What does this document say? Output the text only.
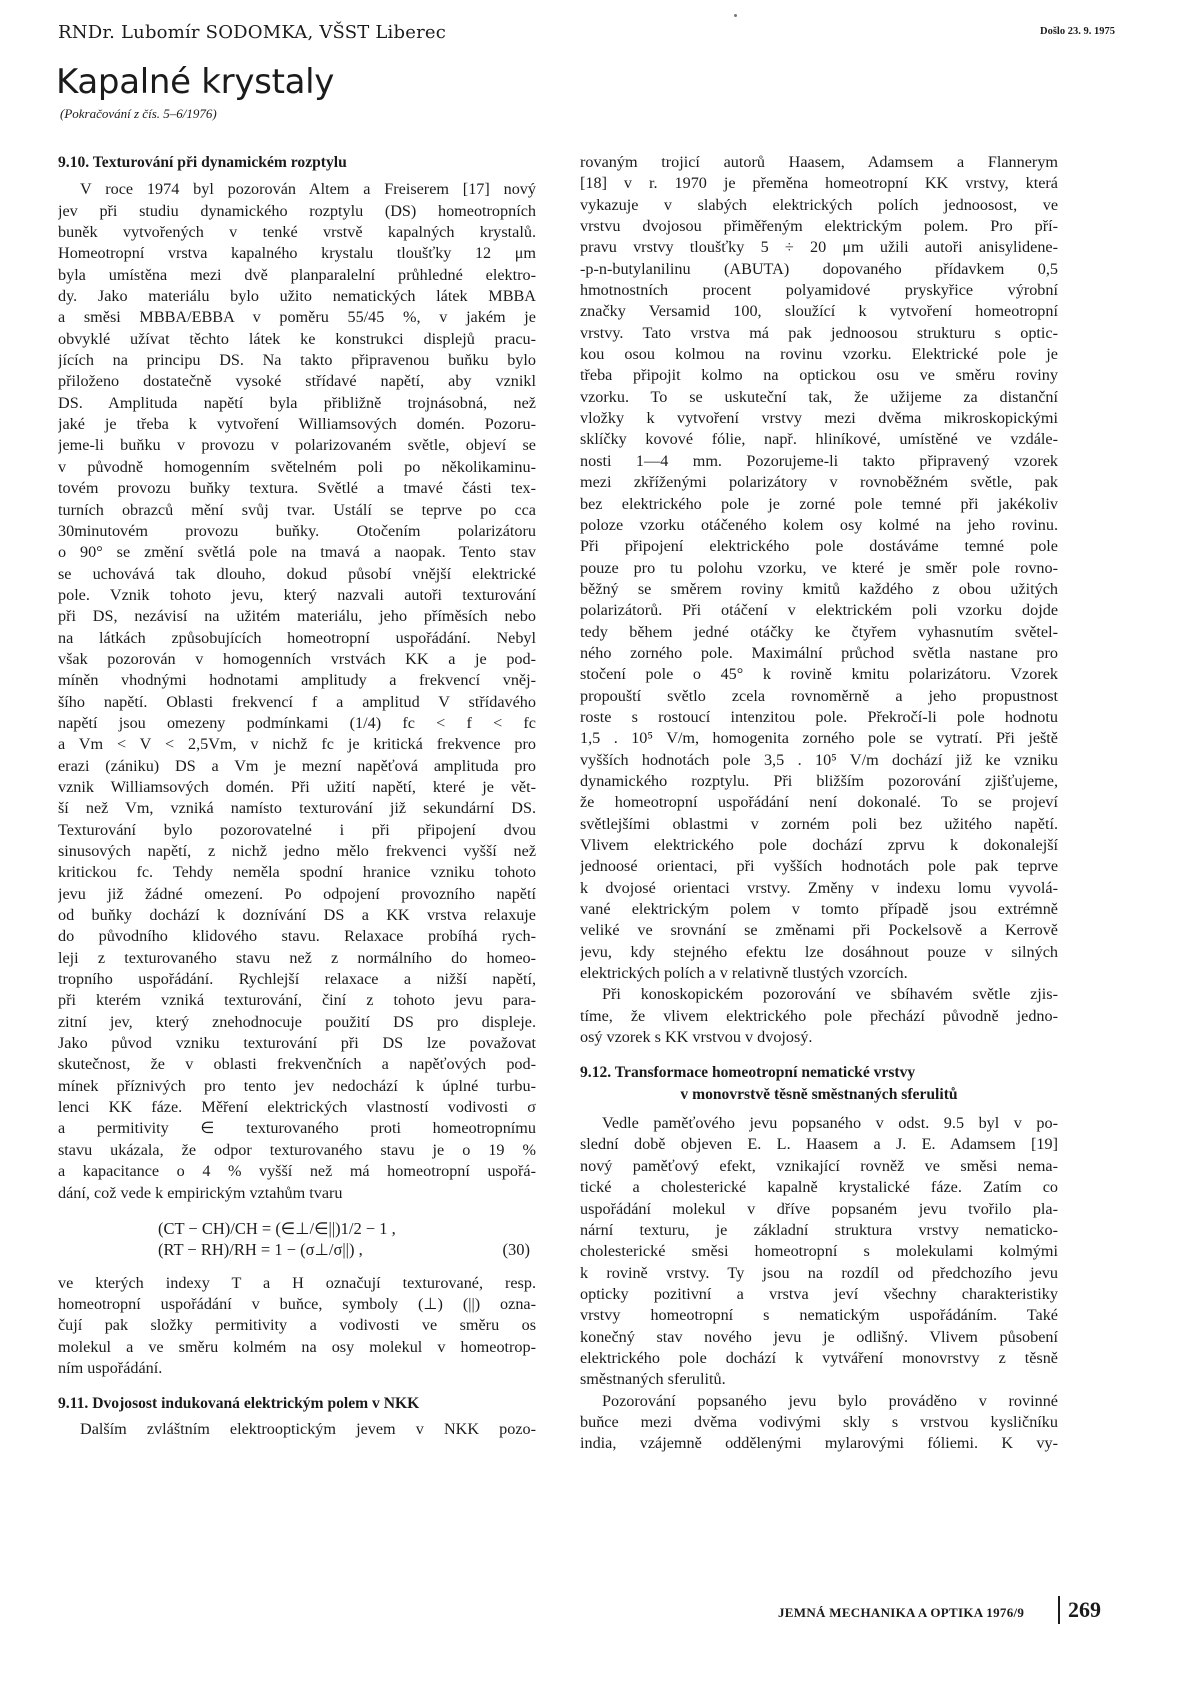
RNDr. Lubomír SODOMKA, VŠST Liberec	Došlo 23. 9. 1975
Kapalné krystaly
(Pokračování z čís. 5–6/1976)
9.10. Texturování při dynamickém rozptylu
V roce 1974 byl pozorován Altem a Freiserem [17] nový
jev při studiu dynamického rozptylu (DS) homeotropních
buněk vytvořených v tenké vrstvě kapalných krystalů.
Homeotropní vrstva kapalného krystalu tloušťky 12 μm
byla umístěna mezi dvě planparalelní průhledné elektro-
dy. Jako materiálu bylo užito nematických látek MBBA
a směsi MBBA/EBBA v poměru 55/45 %, v jakém je
obvyklé užívat těchto látek ke konstrukci displejů pracu-
jících na principu DS. Na takto připravenou buňku bylo
přiloženo dostatečně vysoké střídavé napětí, aby vznikl
DS. Amplituda napětí byla přibližně trojnásobná, než
jaké je třeba k vytvoření Williamsových domén. Pozoru-
jeme-li buňku v provozu v polarizovaném světle, objeví se
v původně homogenním světelném poli po několikaminu-
tovém provozu buňky textura. Světlé a tmavé části tex-
turních obrazců mění svůj tvar. Ustálí se teprve po cca
30minutovém provozu buňky. Otočením polarizátoru
o 90° se změní světlá pole na tmavá a naopak. Tento stav
se uchovává tak dlouho, dokud působí vnější elektrické
pole. Vznik tohoto jevu, který nazvali autoři texturování
při DS, nezávisí na užitém materiálu, jeho příměsích nebo
na látkách způsobujících homeotropní uspořádání. Nebyl
však pozorován v homogenních vrstvách KK a je pod-
míněn vhodnými hodnotami amplitudy a frekvencí vněj-
šího napětí. Oblasti frekvencí f a amplitud V střídavého
napětí jsou omezeny podmínkami (1/4) fc < f < fc
a Vm < V < 2,5Vm, v nichž fc je kritická frekvence pro
erazi (zániku) DS a Vm je mezní napěťová amplituda pro
vznik Williamsových domén. Při užití napětí, které je vět-
ší než Vm, vzniká namísto texturování již sekundární DS.
Texturování bylo pozorovatelné i při připojení dvou
sinusových napětí, z nichž jedno mělo frekvenci vyšší než
kritickou fc. Tehdy neměla spodní hranice vzniku tohoto
jevu již žádné omezení. Po odpojení provozního napětí
od buňky dochází k doznívání DS a KK vrstva relaxuje
do původního klidového stavu. Relaxace probíhá rych-
leji z texturovaného stavu než z normálního do homeo-
tropního uspořádání. Rychlejší relaxace a nižší napětí,
při kterém vzniká texturování, činí z tohoto jevu para-
zitní jev, který znehodnocuje použití DS pro displeje.
Jako původ vzniku texturování při DS lze považovat
skutečnost, že v oblasti frekvenčních a napěťových pod-
mínek příznivých pro tento jev nedochází k úplné turbu-
lenci KK fáze. Měření elektrických vlastností vodivosti σ
a permitivity ∈ texturovaného proti homeotropnímu
stavu ukázala, že odpor texturovaného stavu je o 19 %
a kapacitance o 4 % vyšší než má homeotropní uspořá-
dání, což vede k empirickým vztahům tvaru
(CT − CH)/CH = (∈⊥/∈||)1/2 − 1 ,
(RT − RH)/RH = 1 − (σ⊥/σ||) ,	(30)
ve kterých indexy T a H označují texturované, resp.
homeotropní uspořádání v buňce, symboly (⊥) (||) ozna-
čují pak složky permitivity a vodivosti ve směru os
molekul a ve směru kolmém na osy molekul v homeotrop-
ním uspořádání.
9.11. Dvojosost indukovaná elektrickým polem v NKK
Dalším zvláštním elektrooptickým jevem v NKK pozo-
rovaným trojicí autorů Haasem, Adamsem a Flannerym
[18] v r. 1970 je přeměna homeotropní KK vrstvy, která
vykazuje v slabých elektrických polích jednoosost, ve
vrstvu dvojosou přiměřeným elektrickým polem. Pro pří-
pravu vrstvy tloušťky 5 ÷ 20 μm užili autoři anisylidene-
-p-n-butylanilinu (ABUTA) dopovaného přídavkem 0,5
hmotnostních procent polyamidové pryskyřice výrobní
značky Versamid 100, sloužící k vytvoření homeotropní
vrstvy. Tato vrstva má pak jednoosou strukturu s optic-
kou osou kolmou na rovinu vzorku. Elektrické pole je
třeba připojit kolmo na optickou osu ve směru roviny
vzorku. To se uskuteční tak, že užijeme za distanční
vložky k vytvoření vrstvy mezi dvěma mikroskopickými
sklíčky kovové fólie, např. hliníkové, umístěné ve vzdále-
nosti 1—4 mm. Pozorujeme-li takto připravený vzorek
mezi zkříženými polarizátory v rovnoběžném světle, pak
bez elektrického pole je zorné pole temné při jakékoliv
poloze vzorku otáčeného kolem osy kolmé na jeho rovinu.
Při připojení elektrického pole dostáváme temné pole
pouze pro tu polohu vzorku, ve které je směr pole rovno-
běžný se směrem roviny kmitů každého z obou užitých
polarizátorů. Při otáčení v elektrickém poli vzorku dojde
tedy během jedné otáčky ke čtyřem vyhasnutím světel-
ného zorného pole. Maximální průchod světla nastane pro
stočení pole o 45° k rovině kmitu polarizátoru. Vzorek
propouští světlo zcela rovnoměrně a jeho propustnost
roste s rostoucí intenzitou pole. Překročí-li pole hodnotu
1,5 . 10⁵ V/m, homogenita zorného pole se vytratí. Při ještě
vyšších hodnotách pole 3,5 . 10⁵ V/m dochází již ke vzniku
dynamického rozptylu. Při bližším pozorování zjišťujeme,
že homeotropní uspořádání není dokonalé. To se projeví
světlejšími oblastmi v zorném poli bez užitého napětí.
Vlivem elektrického pole dochází zprvu k dokonalejší
jednoosé orientaci, při vyšších hodnotách pole pak teprve
k dvojosé orientaci vrstvy. Změny v indexu lomu vyvolá-
vané elektrickým polem v tomto případě jsou extrémně
veliké ve srovnání se změnami při Pockelsově a Kerrově
jevu, kdy stejného efektu lze dosáhnout pouze v silných
elektrických polích a v relativně tlustých vzorcích.
Při konoskopickém pozorování ve sbíhavém světle zjis-
tíme, že vlivem elektrického pole přechází původně jedno-
osý vzorek s KK vrstvou v dvojosý.
9.12. Transformace homeotropní nematické vrstvy
v monovrstvě těsně směstnaných sferulitů
Vedle paměťového jevu popsaného v odst. 9.5 byl v po-
slední době objeven E. L. Haasem a J. E. Adamsem [19]
nový paměťový efekt, vznikající rovněž ve směsi nema-
tické a cholesterické kapalně krystalické fáze. Zatím co
uspořádání molekul v dříve popsaném jevu tvořilo pla-
nární texturu, je základní struktura vrstvy nematicko-
cholesterické směsi homeotropní s molekulami kolmými
k rovině vrstvy. Ty jsou na rozdíl od předchozího jevu
opticky pozitivní a vrstva jeví všechny charakteristiky
vrstvy homeotropní s nematickým uspořádáním. Také
konečný stav nového jevu je odlišný. Vlivem působení
elektrického pole dochází k vytváření monovrstvy z těsně
směstnaných sferulitů.
Pozorování popsaného jevu bylo prováděno v rovinné
buňce mezi dvěma vodivými skly s vrstvou kysličníku
india, vzájemně oddělenými mylarovými fóliemi. K vy-
JEMNÁ MECHANIKA A OPTIKA 1976/9 269
